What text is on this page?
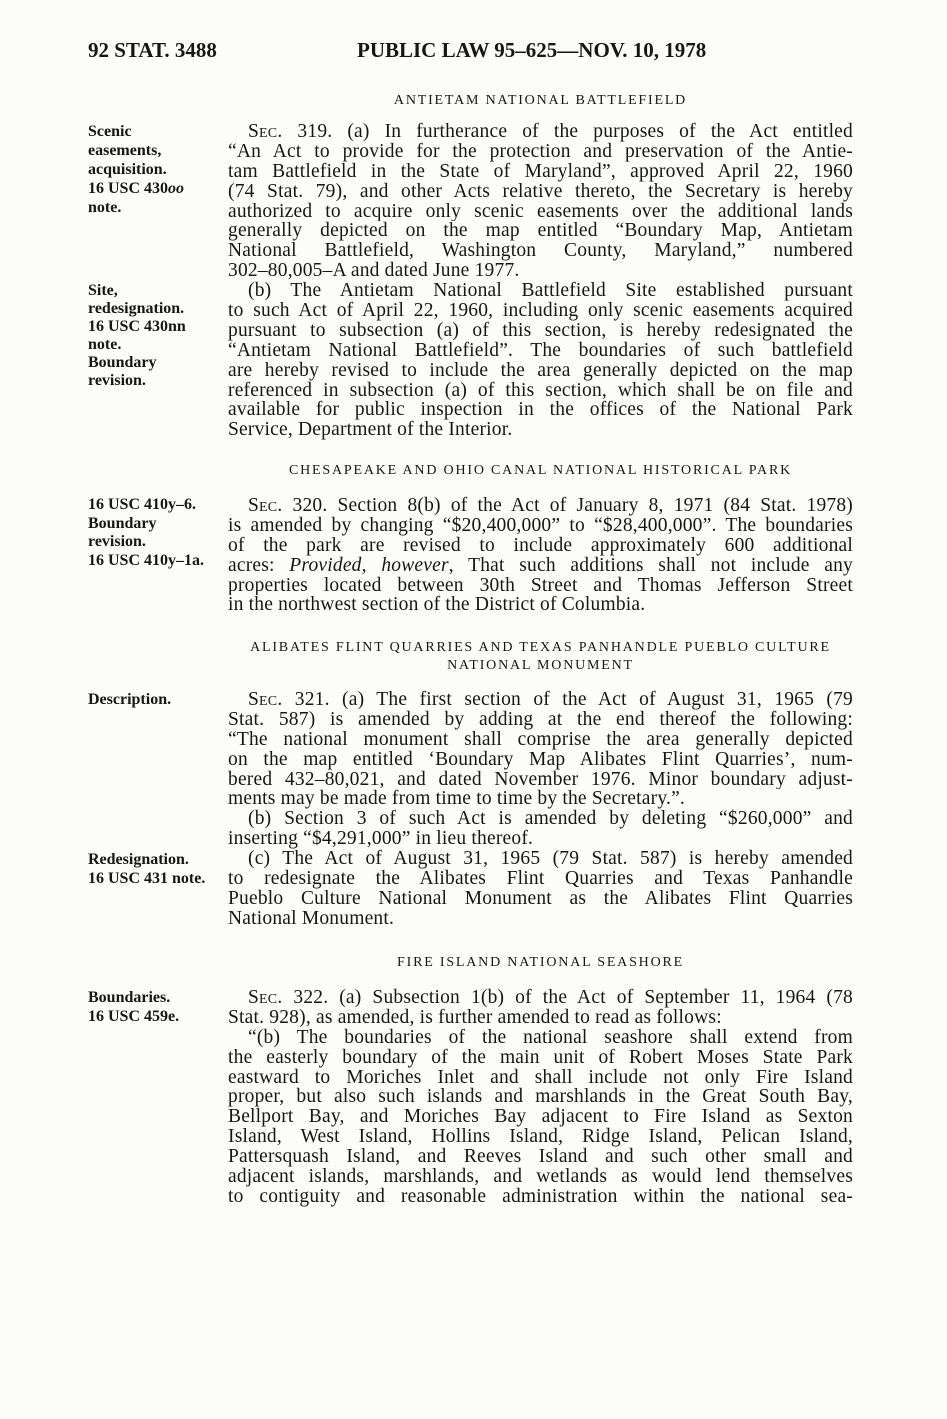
92 STAT. 3488	PUBLIC LAW 95–625—NOV. 10, 1978
ANTIETAM NATIONAL BATTLEFIELD
Scenic
easements,
acquisition.
16 USC 430oo
note.
Site,
redesignation.
16 USC 430nn
note.
Boundary
revision.
Sec. 319. (a) In furtherance of the purposes of the Act entitled
“An Act to provide for the protection and preservation of the Antie-
tam Battlefield in the State of Maryland”, approved April 22, 1960
(74 Stat. 79), and other Acts relative thereto, the Secretary is hereby
authorized to acquire only scenic easements over the additional lands
generally depicted on the map entitled “Boundary Map, Antietam
National Battlefield, Washington County, Maryland,” numbered
302–80,005–A and dated June 1977.
(b) The Antietam National Battlefield Site established pursuant
to such Act of April 22, 1960, including only scenic easements acquired
pursuant to subsection (a) of this section, is hereby redesignated the
“Antietam National Battlefield”. The boundaries of such battlefield
are hereby revised to include the area generally depicted on the map
referenced in subsection (a) of this section, which shall be on file and
available for public inspection in the offices of the National Park
Service, Department of the Interior.
CHESAPEAKE AND OHIO CANAL NATIONAL HISTORICAL PARK
16 USC 410y–6.
Boundary
revision.
16 USC 410y–1a.
Sec. 320. Section 8(b) of the Act of January 8, 1971 (84 Stat. 1978)
is amended by changing “$20,400,000” to “$28,400,000”. The boundaries
of the park are revised to include approximately 600 additional
acres: Provided, however, That such additions shall not include any
properties located between 30th Street and Thomas Jefferson Street
in the northwest section of the District of Columbia.
ALIBATES FLINT QUARRIES AND TEXAS PANHANDLE PUEBLO CULTURE
NATIONAL MONUMENT
Description.
Redesignation.
16 USC 431 note.
Sec. 321. (a) The first section of the Act of August 31, 1965 (79
Stat. 587) is amended by adding at the end thereof the following:
“The national monument shall comprise the area generally depicted
on the map entitled ‘Boundary Map Alibates Flint Quarries’, num-
bered 432–80,021, and dated November 1976. Minor boundary adjust-
ments may be made from time to time by the Secretary.”.
(b) Section 3 of such Act is amended by deleting “$260,000” and
inserting “$4,291,000” in lieu thereof.
(c) The Act of August 31, 1965 (79 Stat. 587) is hereby amended
to redesignate the Alibates Flint Quarries and Texas Panhandle
Pueblo Culture National Monument as the Alibates Flint Quarries
National Monument.
FIRE ISLAND NATIONAL SEASHORE
Boundaries.
16 USC 459e.
Sec. 322. (a) Subsection 1(b) of the Act of September 11, 1964 (78
Stat. 928), as amended, is further amended to read as follows:
“(b) The boundaries of the national seashore shall extend from
the easterly boundary of the main unit of Robert Moses State Park
eastward to Moriches Inlet and shall include not only Fire Island
proper, but also such islands and marshlands in the Great South Bay,
Bellport Bay, and Moriches Bay adjacent to Fire Island as Sexton
Island, West Island, Hollins Island, Ridge Island, Pelican Island,
Pattersquash Island, and Reeves Island and such other small and
adjacent islands, marshlands, and wetlands as would lend themselves
to contiguity and reasonable administration within the national sea-
